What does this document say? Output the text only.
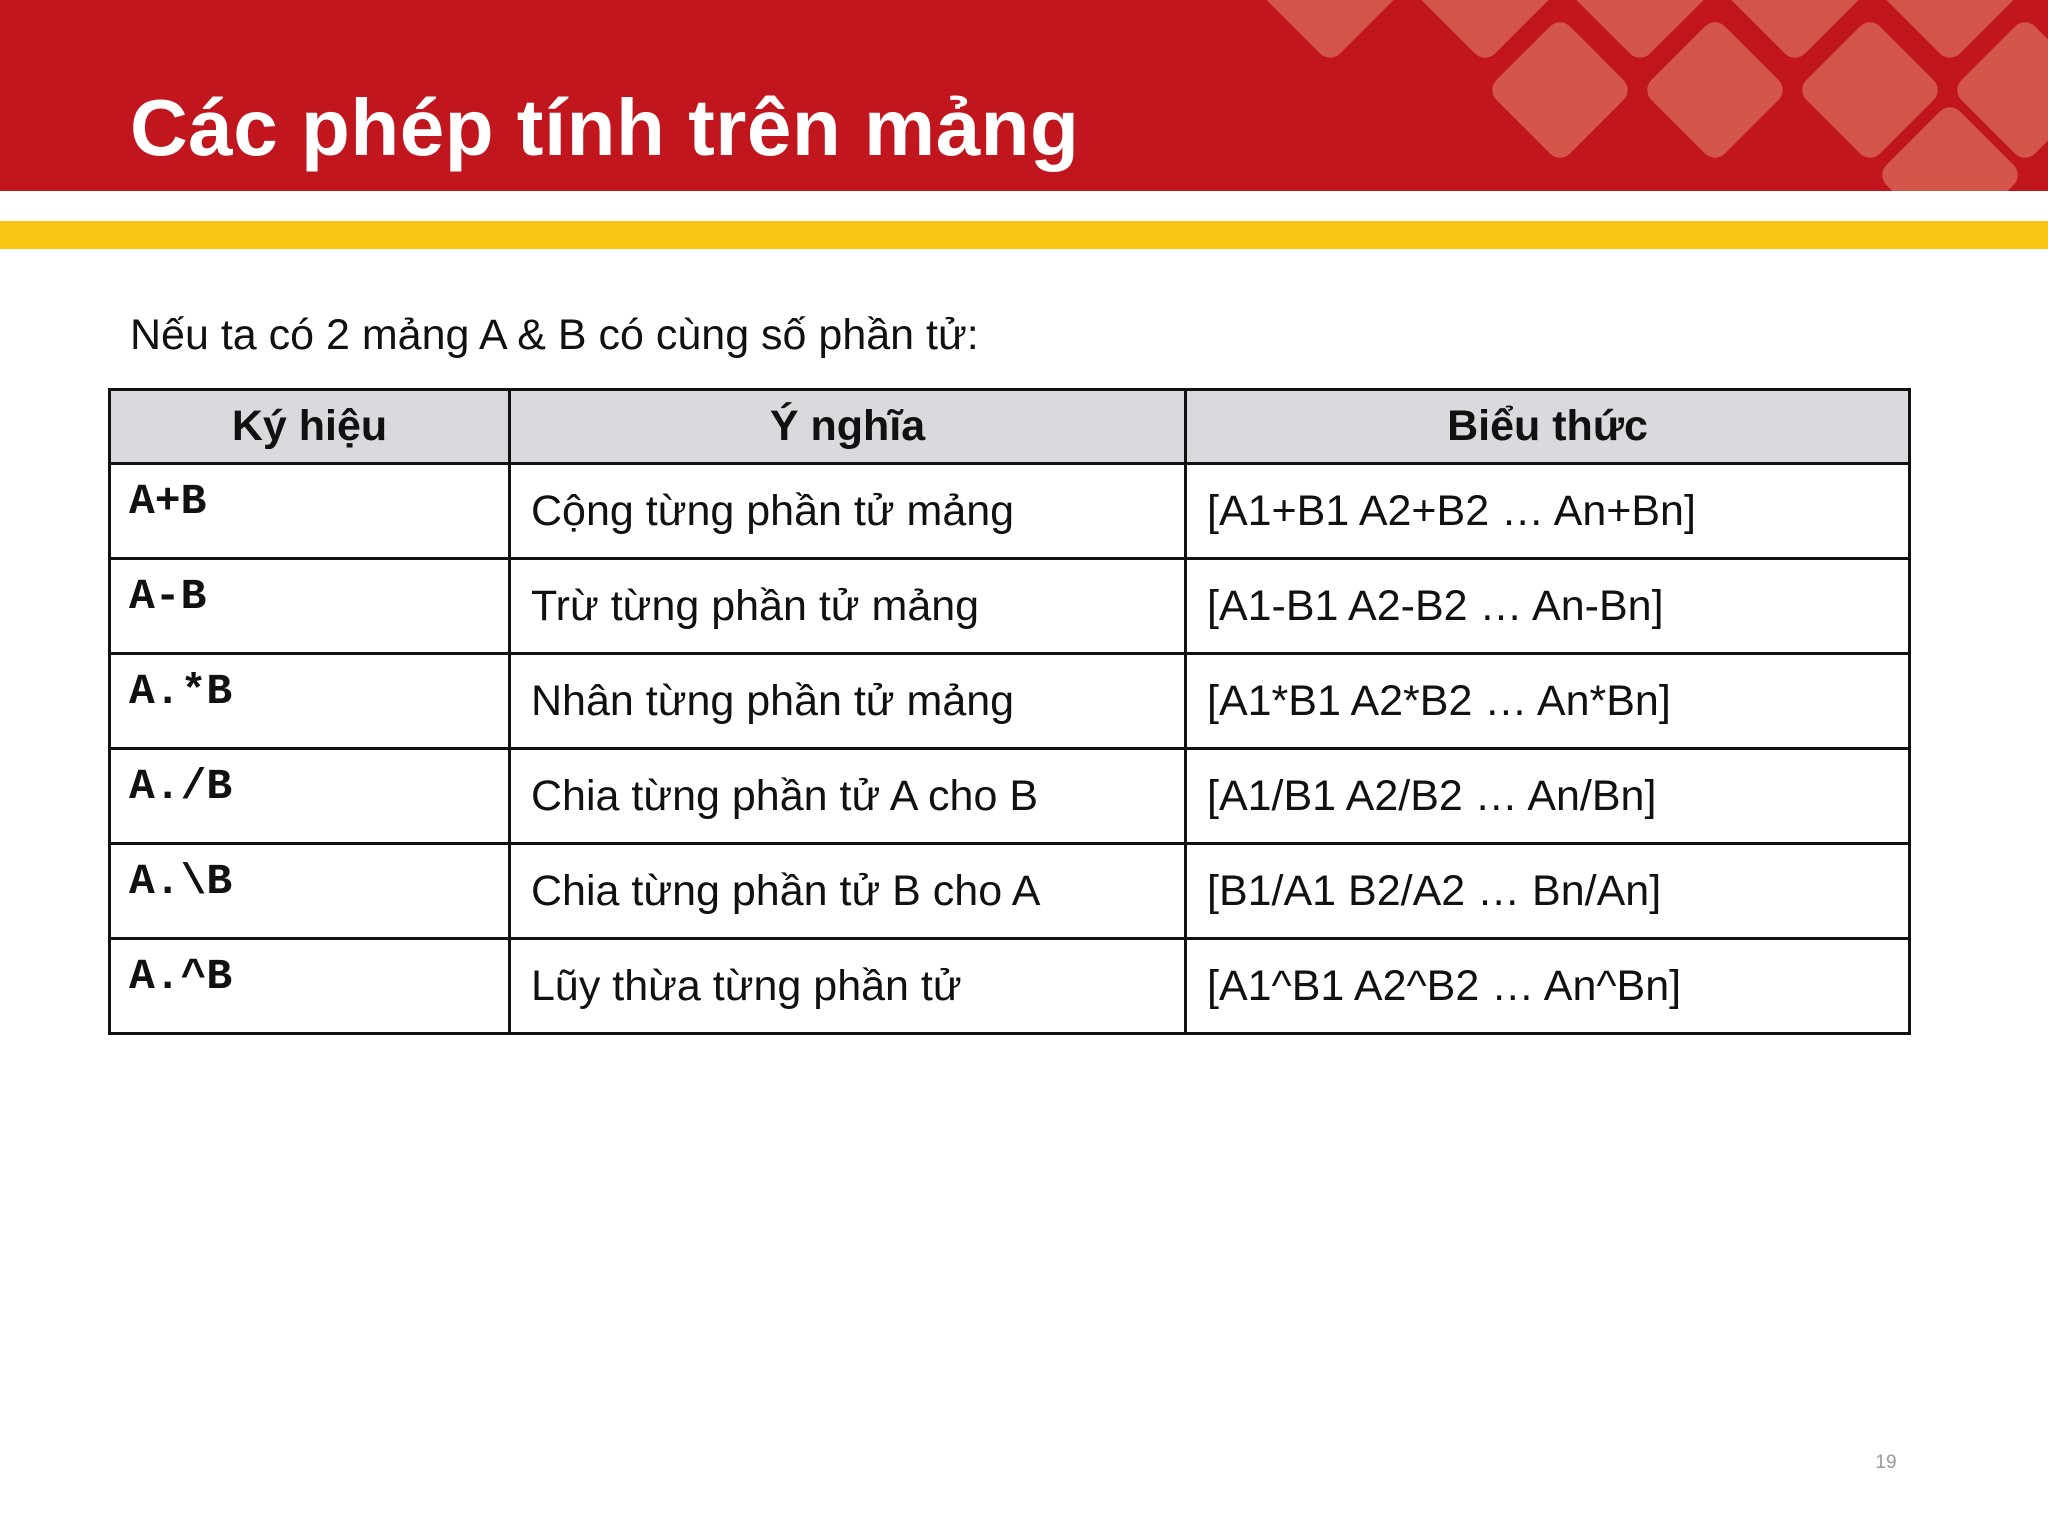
Các phép tính trên mảng

Nếu ta có 2 mảng A & B có cùng số phần tử:

Ký hiệu	Ý nghĩa	Biểu thức
A+B	Cộng từng phần tử mảng	[A1+B1 A2+B2 … An+Bn]
A-B	Trừ từng phần tử mảng	[A1-B1 A2-B2 … An-Bn]
A.*B	Nhân từng phần tử mảng	[A1*B1 A2*B2 … An*Bn]
A./B	Chia từng phần tử A cho B	[A1/B1 A2/B2 … An/Bn]
A.\B	Chia từng phần tử B cho A	[B1/A1 B2/A2 … Bn/An]
A.^B	Lũy thừa từng phần tử	[A1^B1 A2^B2 … An^Bn]
19
